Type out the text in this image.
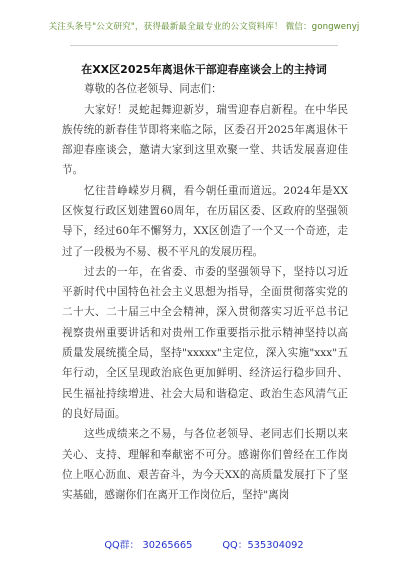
关注头条号"公文研究"，获得最新最全最专业的公文资料库！ 微信：gongwenyj
在XX区2025年离退休干部迎春座谈会上的主持词

尊敬的各位老领导、同志们：

大家好！灵蛇起舞迎新岁，瑞雪迎春启新程。在中华民族传统的新春佳节即将来临之际，区委召开2025年离退休干部迎春座谈会，邀请大家到这里欢聚一堂、共话发展喜迎佳节。

忆往昔峥嵘岁月稠，看今朝任重而道远。2024年是XX区恢复行政区划建置60周年，在历届区委、区政府的坚强领导下，经过60年不懈努力，XX区创造了一个又一个奇迹，走过了一段极为不易、极不平凡的发展历程。

过去的一年，在省委、市委的坚强领导下，坚持以习近平新时代中国特色社会主义思想为指导，全面贯彻落实党的二十大、二十届三中全会精神，深入贯彻落实习近平总书记视察贵州重要讲话和对贵州工作重要指示批示精神坚持以高质量发展统揽全局，坚持"xxxxx"主定位，深入实施"xxx"五年行动，全区呈现政治底色更加鲜明、经济运行稳步回升、民生福祉持续增进、社会大局和谐稳定、政治生态风清气正的良好局面。

这些成绩来之不易，与各位老领导、老同志们长期以来关心、支持、理解和奉献密不可分。感谢你们曾经在工作岗位上呕心沥血、艰苦奋斗，为今天XX的高质量发展打下了坚实基础，感谢你们在离开工作岗位后，坚持"离岗

QQ群： 30265665	QQ：535304092
